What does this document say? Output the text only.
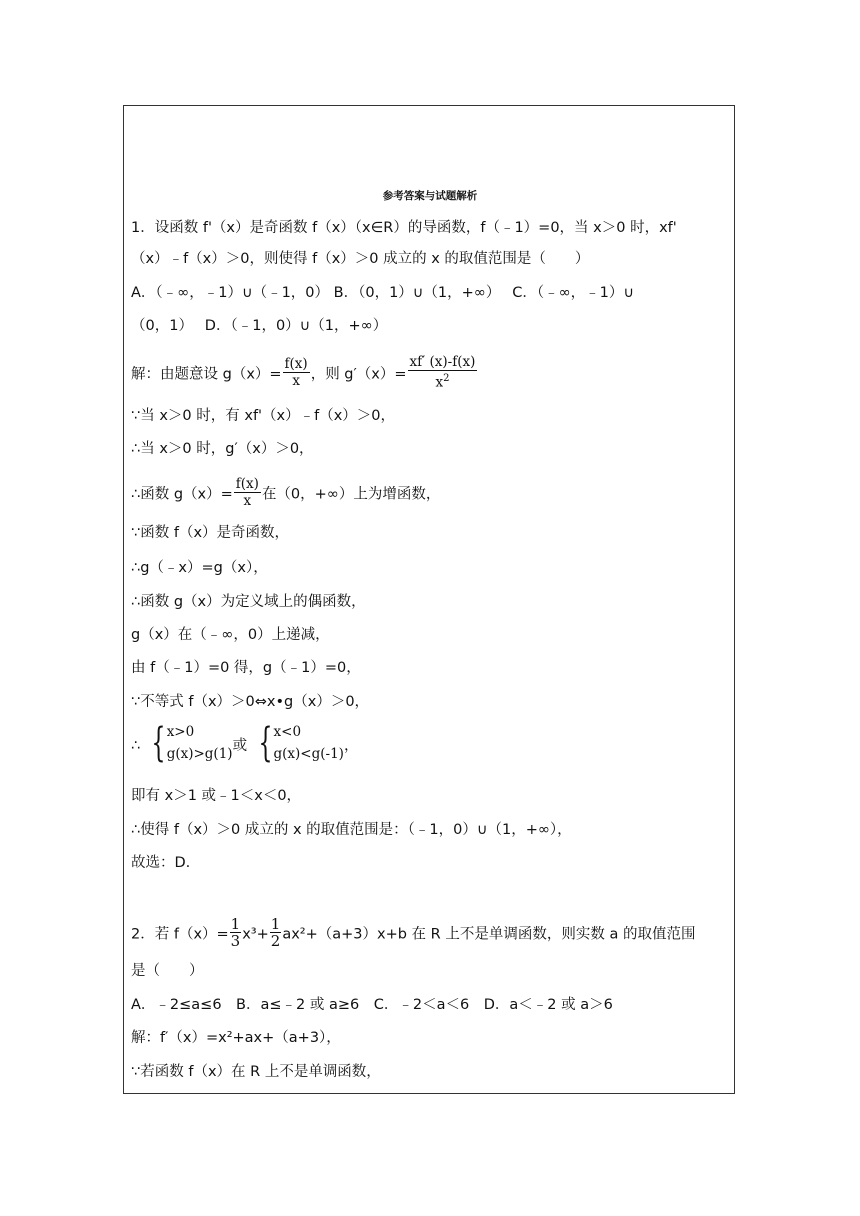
参考答案与试题解析
1．设函数 f'（x）是奇函数 f（x）（x∈R）的导函数，f（﹣1）=0，当 x＞0 时，xf'
（x）﹣f（x）＞0，则使得 f（x）＞0 成立的 x 的取值范围是（　　）
A．（﹣∞，﹣1）∪（﹣1，0） B．（0，1）∪（1，+∞）　 C．（﹣∞，﹣1）∪
（0，1）　 D．（﹣1，0）∪（1，+∞）
解：由题意设 $g(x)= \frac{f(x)}{x}$ ，则 $g'(x)= \frac{xf' (x)-f(x)}{x^2}$
∵当 x＞0 时，有 xf'（x）﹣f（x）＞0，
∴当 x＞0 时，g′（x）＞0，
∴函数 $g(x)= \frac{f(x)}{x}$ 在（0，+∞）上为增函数，
∵函数 f（x）是奇函数，
∴g（﹣x）=g（x），
∴函数 g（x）为定义域上的偶函数，
g（x）在（﹣∞，0）上递减，
由 f（﹣1）=0 得，g（﹣1）=0，
∵不等式 f（x）＞0⇔x•g（x）＞0，
∴ { x>0
g(x)>g(1) 或 { x<0
g(x)<g(-1) ，
即有 x＞1 或﹣1＜x＜0，
∴使得 f（x）＞0 成立的 x 的取值范围是：（﹣1，0）∪（1，+∞），
故选：D.
2．若 $f(x)= \frac{1}{3} x^3+ \frac{1}{2} ax^2+(a+3)x+b$ 在 R 上不是单调函数，则实数 a 的取值范围
是（　　）
A．﹣2≤a≤6　B．a≤﹣2 或 a≥6　C．﹣2＜a＜6　D．a＜﹣2 或 a＞6
解：f′（x）=x²+ax+（a+3），
∵若函数 f（x）在 R 上不是单调函数，
